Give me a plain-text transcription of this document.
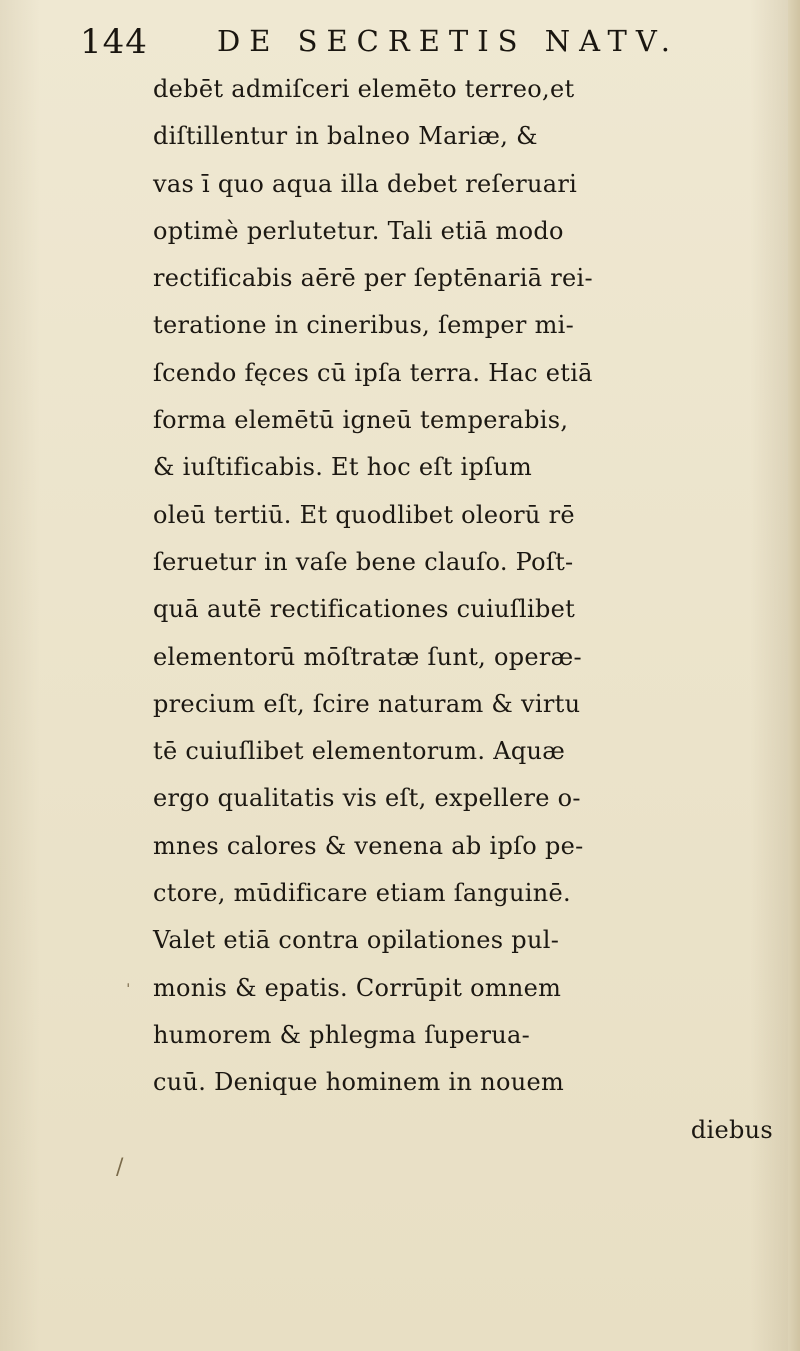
144 DE SECRETIS NATV.
debēt admiſceri elemēto terreo,et
diſtillentur in balneo Mariæ, &
vas ī quo aqua illa debet reſeruari
optimè perlutetur. Tali etiā modo
rectificabis aērē per ſeptēnariā rei-
teratione in cineribus, ſemper mi-
ſcendo fęces cū ipſa terra. Hac etiā
forma elemētū igneū temperabis,
& iuſtificabis. Et hoc eſt ipſum
oleū tertiū. Et quodlibet oleorū rē
ſeruetur in vaſe bene clauſo. Poſt-
quā autē rectificationes cuiuſlibet
elementorū mōſtratæ ſunt, operæ-
precium eſt, ſcire naturam & virtu
tē cuiuſlibet elementorum. Aquæ
ergo qualitatis vis eſt, expellere o-
mnes calores & venena ab ipſo pe-
ctore, mūdificare etiam ſanguinē.
Valet etiā contra opilationes pul-
monis & epatis. Corrūpit omnem
humorem & phlegma ſuperua-
cuū. Denique hominem in nouem
diebus
ˌ
/
